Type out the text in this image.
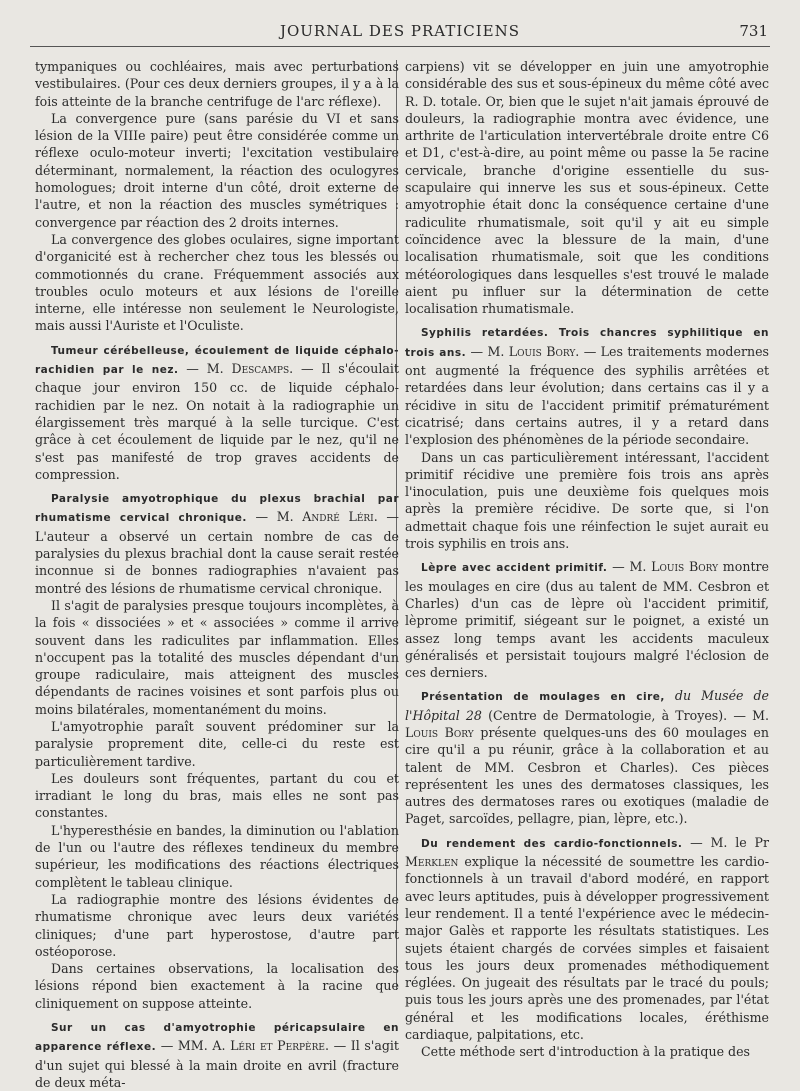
JOURNAL DES PRATICIENS	731

tympaniques ou cochléaires, mais avec perturbations vestibulaires. (Pour ces deux derniers groupes, il y a à la fois atteinte de la branche centrifuge de l'arc réflexe).

La convergence pure (sans parésie du VI et sans lésion de la VIIIe paire) peut être considérée comme un réflexe oculo-moteur inverti; l'excitation vestibulaire déterminant, normalement, la réaction des oculogyres homologues; droit interne d'un côté, droit externe de l'autre, et non la réaction des muscles symétriques : convergence par réaction des 2 droits internes.

La convergence des globes oculaires, signe important d'organicité est à rechercher chez tous les blessés ou commotionnés du crane. Fréquemment associés aux troubles oculo moteurs et aux lésions de l'oreille interne, elle intéresse non seulement le Neurologiste, mais aussi l'Auriste et l'Oculiste.

Tumeur cérébelleuse, écoulement de liquide céphalo-rachidien par le nez. — M. Descamps. — Il s'écoulait chaque jour environ 150 cc. de liquide céphalo-rachidien par le nez. On notait à la radiographie un élargissement très marqué à la selle turcique. C'est grâce à cet écoulement de liquide par le nez, qu'il ne s'est pas manifesté de trop graves accidents de compression.

Paralysie amyotrophique du plexus brachial par rhumatisme cervical chronique. — M. André Léri. — L'auteur a observé un certain nombre de cas de paralysies du plexus brachial dont la cause serait restée inconnue si de bonnes radiographies n'avaient pas montré des lésions de rhumatisme cervical chronique.

Il s'agit de paralysies presque toujours incomplètes, à la fois « dissociées » et « associées » comme il arrive souvent dans les radiculites par inflammation. Elles n'occupent pas la totalité des muscles dépendant d'un groupe radiculaire, mais atteignent des muscles dépendants de racines voisines et sont parfois plus ou moins bilatérales, momentanément du moins.

L'amyotrophie paraît souvent prédominer sur la paralysie proprement dite, celle-ci du reste est particulièrement tardive.

Les douleurs sont fréquentes, partant du cou et irradiant le long du bras, mais elles ne sont pas constantes.

L'hyperesthésie en bandes, la diminution ou l'ablation de l'un ou l'autre des réflexes tendineux du membre supérieur, les modifications des réactions électriques complètent le tableau clinique.

La radiographie montre des lésions évidentes de rhumatisme chronique avec leurs deux variétés cliniques; d'une part hyperostose, d'autre part ostéoporose.

Dans certaines observations, la localisation des lésions répond bien exactement à la racine que cliniquement on suppose atteinte.

Sur un cas d'amyotrophie péricapsulaire en apparence réflexe. — MM. A. Léri et Perpère. — Il s'agit d'un sujet qui blessé à la main droite en avril (fracture de deux méta-

carpiens) vit se développer en juin une amyotrophie considérable des sus et sous-épineux du même côté avec R. D. totale. Or, bien que le sujet n'ait jamais éprouvé de douleurs, la radiographie montra avec évidence, une arthrite de l'articulation intervertébrale droite entre C6 et D1, c'est-à-dire, au point même ou passe la 5e racine cervicale, branche d'origine essentielle du sus-scapulaire qui innerve les sus et sous-épineux. Cette amyotrophie était donc la conséquence certaine d'une radiculite rhumatismale, soit qu'il y ait eu simple coïncidence avec la blessure de la main, d'une localisation rhumatismale, soit que les conditions météorologiques dans lesquelles s'est trouvé le malade aient pu influer sur la détermination de cette localisation rhumatismale.

Syphilis retardées. Trois chancres syphilitique en trois ans. — M. Louis Bory. — Les traitements modernes ont augmenté la fréquence des syphilis arrêtées et retardées dans leur évolution; dans certains cas il y a récidive in situ de l'accident primitif prématurément cicatrisé; dans certains autres, il y a retard dans l'explosion des phénomènes de la période secondaire.

Dans un cas particulièrement intéressant, l'accident primitif récidive une première fois trois ans après l'inoculation, puis une deuxième fois quelques mois après la première récidive. De sorte que, si l'on admettait chaque fois une réinfection le sujet aurait eu trois syphilis en trois ans.

Lèpre avec accident primitif. — M. Louis Bory montre les moulages en cire (dus au talent de MM. Cesbron et Charles) d'un cas de lèpre où l'accident primitif, lèprome primitif, siégeant sur le poignet, a existé un assez long temps avant les accidents maculeux généralisés et persistait toujours malgré l'éclosion de ces derniers.

Présentation de moulages en cire, du Musée de l'Hôpital 28 (Centre de Dermatologie, à Troyes). — M. Louis Bory présente quelques-uns des 60 moulages en cire qu'il a pu réunir, grâce à la collaboration et au talent de MM. Cesbron et Charles). Ces pièces représentent les unes des dermatoses classiques, les autres des dermatoses rares ou exotiques (maladie de Paget, sarcoïdes, pellagre, pian, lèpre, etc.).

Du rendement des cardio-fonctionnels. — M. le Pr Merklen explique la nécessité de soumettre les cardio-fonctionnels à un travail d'abord modéré, en rapport avec leurs aptitudes, puis à développer progressivement leur rendement. Il a tenté l'expérience avec le médecin-major Galès et rapporte les résultats statistiques. Les sujets étaient chargés de corvées simples et faisaient tous les jours deux promenades méthodiquement réglées. On jugeait des résultats par le tracé du pouls; puis tous les jours après une des promenades, par l'état général et les modifications locales, éréthisme cardiaque, palpitations, etc.

Cette méthode sert d'introduction à la pratique des
